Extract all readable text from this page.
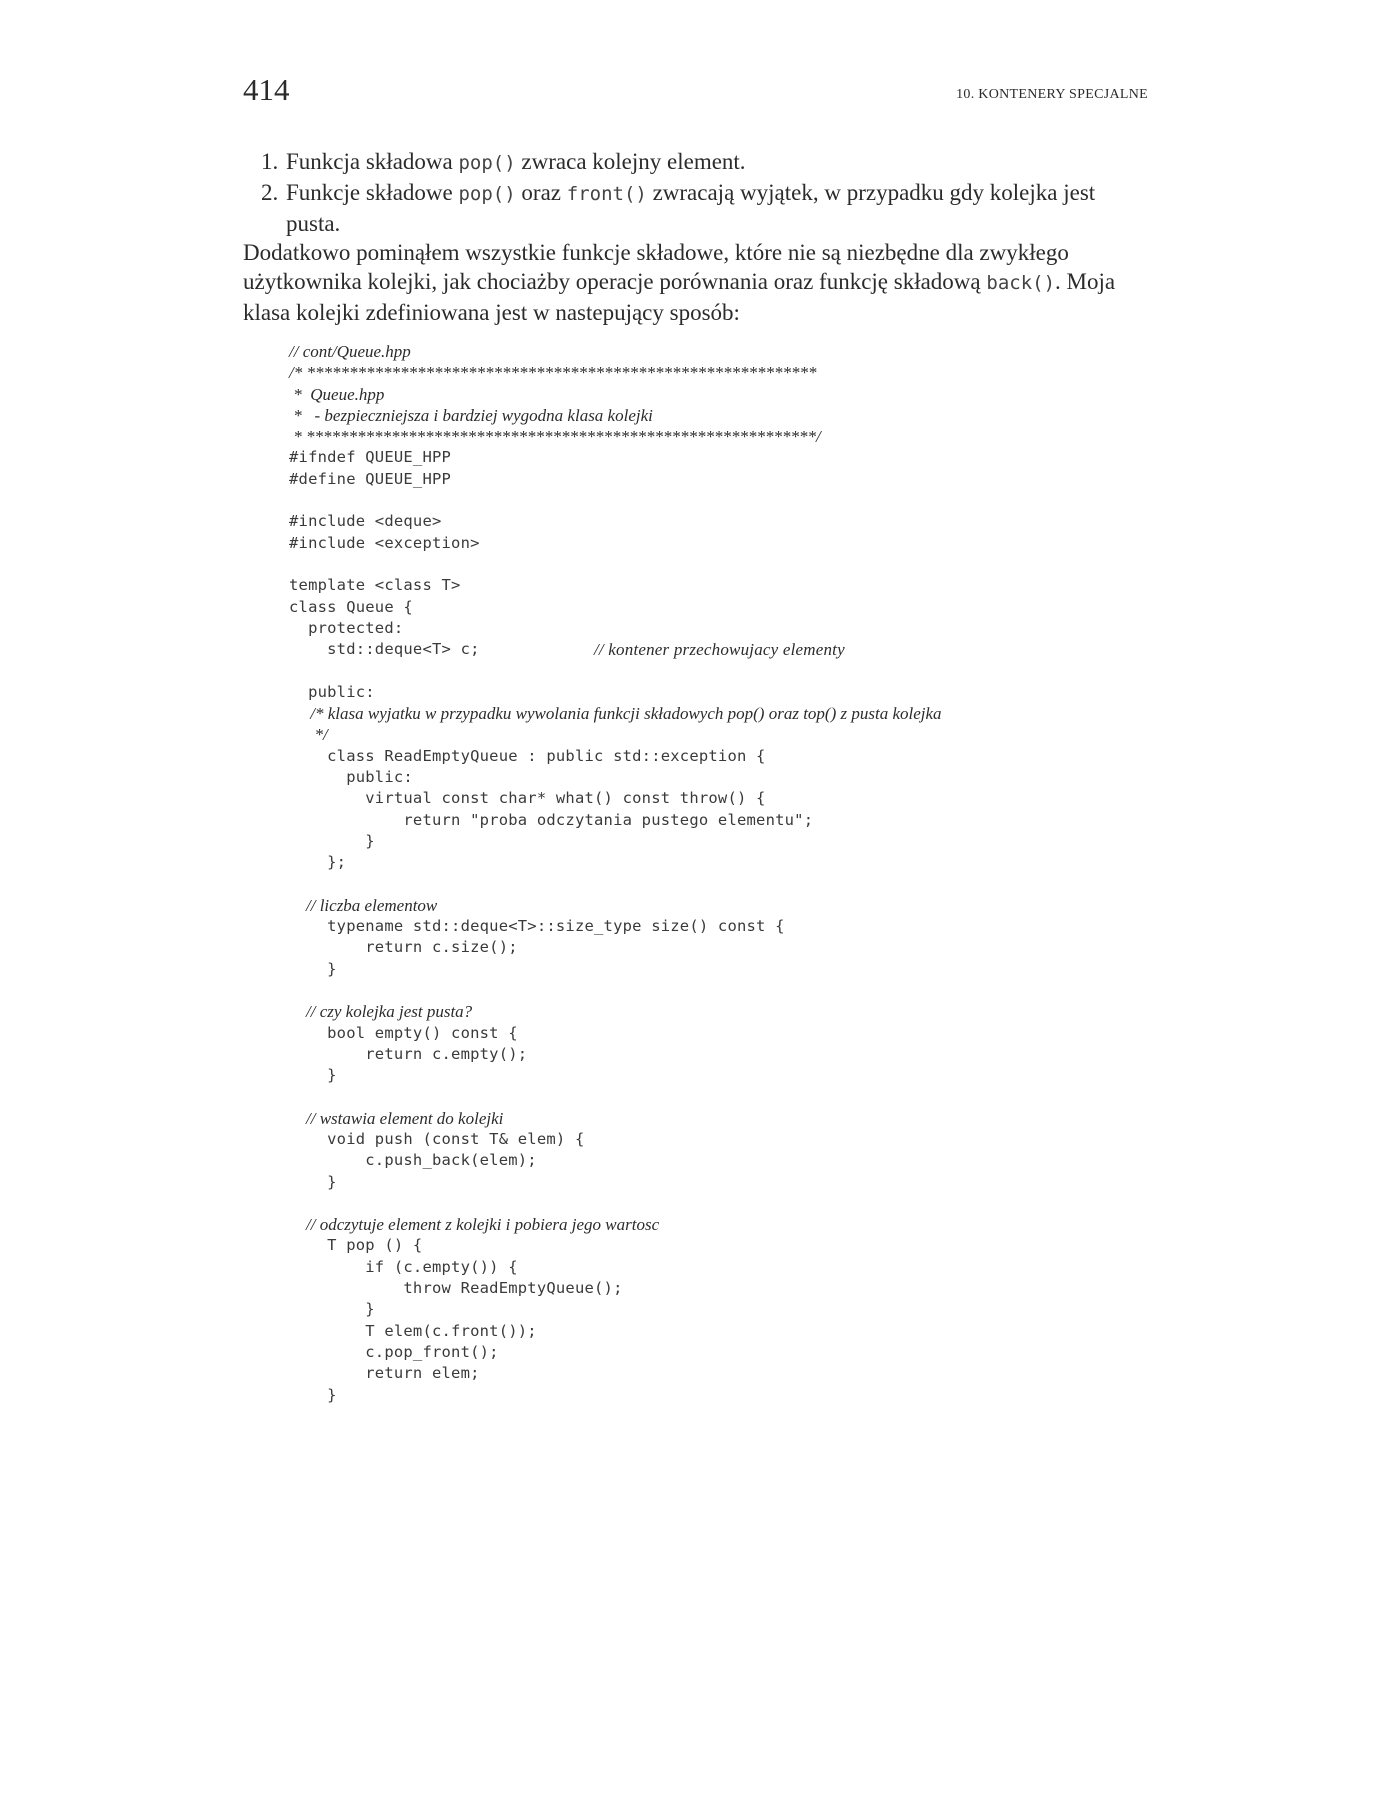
414	10. KONTENERY SPECJALNE
1. Funkcja składowa pop() zwraca kolejny element.
2. Funkcje składowe pop() oraz front() zwracają wyjątek, w przypadku gdy kolejka jest pusta.

Dodatkowo pominąłem wszystkie funkcje składowe, które nie są niezbędne dla zwykłego użytkownika kolejki, jak chociażby operacje porównania oraz funkcję składową back(). Moja klasa kolejki zdefiniowana jest w nastepujący sposób:

// cont/Queue.hpp
/* ************************************************************
*  Queue.hpp
*   - bezpieczniejsza i bardziej wygodna klasa kolejki
* ************************************************************/
#ifndef QUEUE_HPP
#define QUEUE_HPP
#include <deque>
#include <exception>
template <class T>
class Queue {
protected:
std::deque<T> c;	// kontener przechowujacy elementy
public:
/* klasa wyjatku w przypadku wywolania funkcji składowych pop() oraz top() z pusta kolejka
*/
class ReadEmptyQueue : public std::exception {
public:
virtual const char* what() const throw() {
return "proba odczytania pustego elementu";
}
};
// liczba elementow
typename std::deque<T>::size_type size() const {
return c.size();
}
// czy kolejka jest pusta?
bool empty() const {
return c.empty();
}
// wstawia element do kolejki
void push (const T& elem) {
c.push_back(elem);
}
// odczytuje element z kolejki i pobiera jego wartosc
T pop () {
if (c.empty()) {
throw ReadEmptyQueue();
}
T elem(c.front());
c.pop_front();
return elem;
}
